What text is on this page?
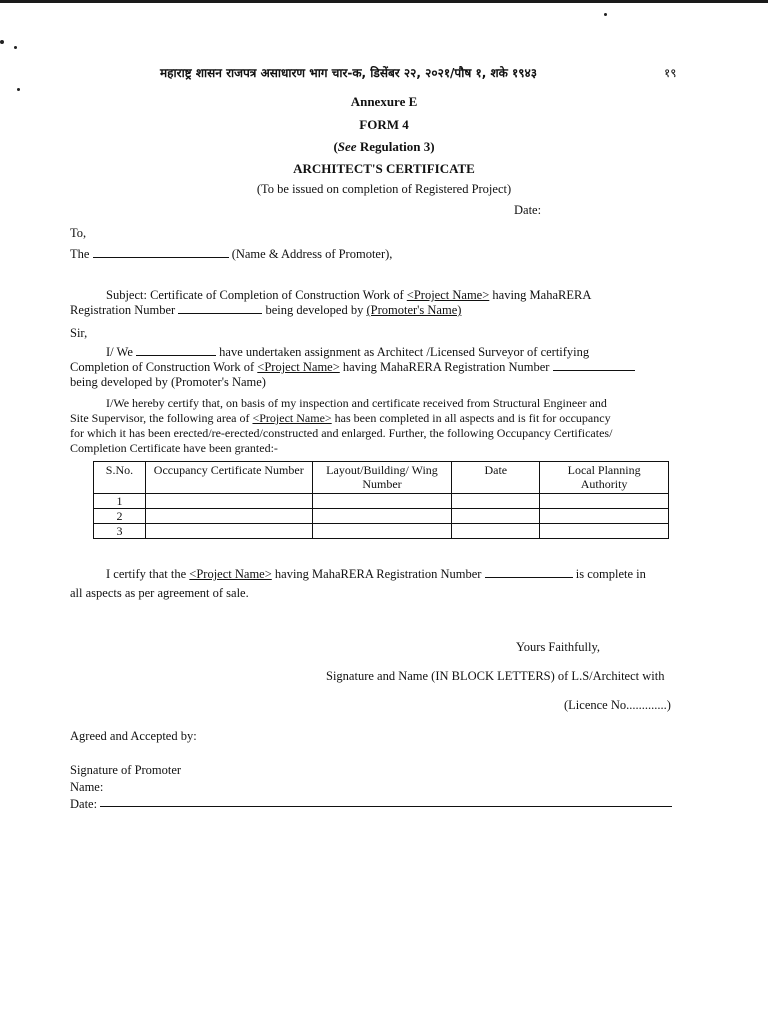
महाराष्ट्र शासन राजपत्र असाधारण भाग चार-क, डिसेंबर २२, २०२१/पौष १, शके १९४३	१९
Annexure E
FORM 4
(See Regulation 3)
ARCHITECT'S CERTIFICATE
(To be issued on completion of Registered Project)
Date:
To,
The	(Name & Address of Promoter),
Subject: Certificate of Completion of Construction Work of <Project Name> having MahaRERA
Registration Number	being developed by (Promoter's Name)
Sir,
I/ We	have undertaken assignment as Architect /Licensed Surveyor of certifying
Completion of Construction Work of <Project Name> having MahaRERA Registration Number
being developed by (Promoter's Name)
I/We hereby certify that, on basis of my inspection and certificate received from Structural Engineer and
Site Supervisor, the following area of <Project Name> has been completed in all aspects and is fit for occupancy
for which it has been erected/re-erected/constructed and enlarged. Further, the following Occupancy Certificates/
Completion Certificate have been granted:-
S.No.	Occupancy Certificate Number	Layout/Building/ Wing Number	Date	Local Planning Authority
1				
2				
3				
I certify that the <Project Name> having MahaRERA Registration Number	is complete in
all aspects as per agreement of sale.
Yours Faithfully,
Signature and Name (IN BLOCK LETTERS) of L.S/Architect with
(Licence No.............)
Agreed and Accepted by:
Signature of Promoter
Name:
Date:
